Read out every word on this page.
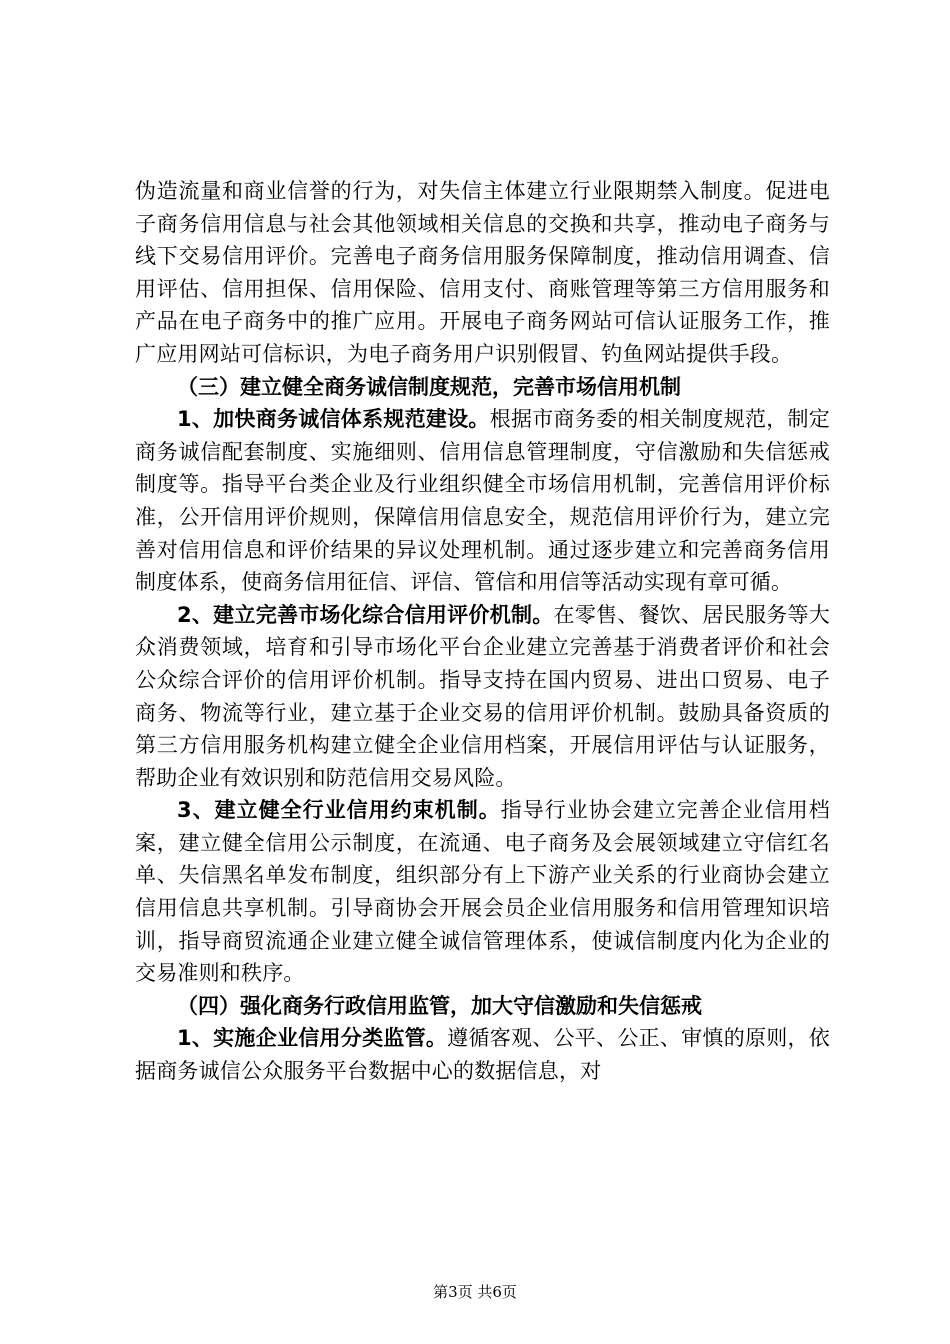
伪造流量和商业信誉的行为，对失信主体建立行业限期禁入制度。促进电子商务信用信息与社会其他领域相关信息的交换和共享，推动电子商务与线下交易信用评价。完善电子商务信用服务保障制度，推动信用调查、信用评估、信用担保、信用保险、信用支付、商账管理等第三方信用服务和产品在电子商务中的推广应用。开展电子商务网站可信认证服务工作，推广应用网站可信标识，为电子商务用户识别假冒、钓鱼网站提供手段。

（三）建立健全商务诚信制度规范，完善市场信用机制

1、加快商务诚信体系规范建设。根据市商务委的相关制度规范，制定商务诚信配套制度、实施细则、信用信息管理制度，守信激励和失信惩戒制度等。指导平台类企业及行业组织健全市场信用机制，完善信用评价标准，公开信用评价规则，保障信用信息安全，规范信用评价行为，建立完善对信用信息和评价结果的异议处理机制。通过逐步建立和完善商务信用制度体系，使商务信用征信、评信、管信和用信等活动实现有章可循。

2、建立完善市场化综合信用评价机制。在零售、餐饮、居民服务等大众消费领域，培育和引导市场化平台企业建立完善基于消费者评价和社会公众综合评价的信用评价机制。指导支持在国内贸易、进出口贸易、电子商务、物流等行业，建立基于企业交易的信用评价机制。鼓励具备资质的第三方信用服务机构建立健全企业信用档案，开展信用评估与认证服务，帮助企业有效识别和防范信用交易风险。

3、建立健全行业信用约束机制。指导行业协会建立完善企业信用档案，建立健全信用公示制度，在流通、电子商务及会展领域建立守信红名单、失信黑名单发布制度，组织部分有上下游产业关系的行业商协会建立信用信息共享机制。引导商协会开展会员企业信用服务和信用管理知识培训，指导商贸流通企业建立健全诚信管理体系，使诚信制度内化为企业的交易准则和秩序。

（四）强化商务行政信用监管，加大守信激励和失信惩戒

1、实施企业信用分类监管。遵循客观、公平、公正、审慎的原则，依据商务诚信公众服务平台数据中心的数据信息，对

第3页 共6页
